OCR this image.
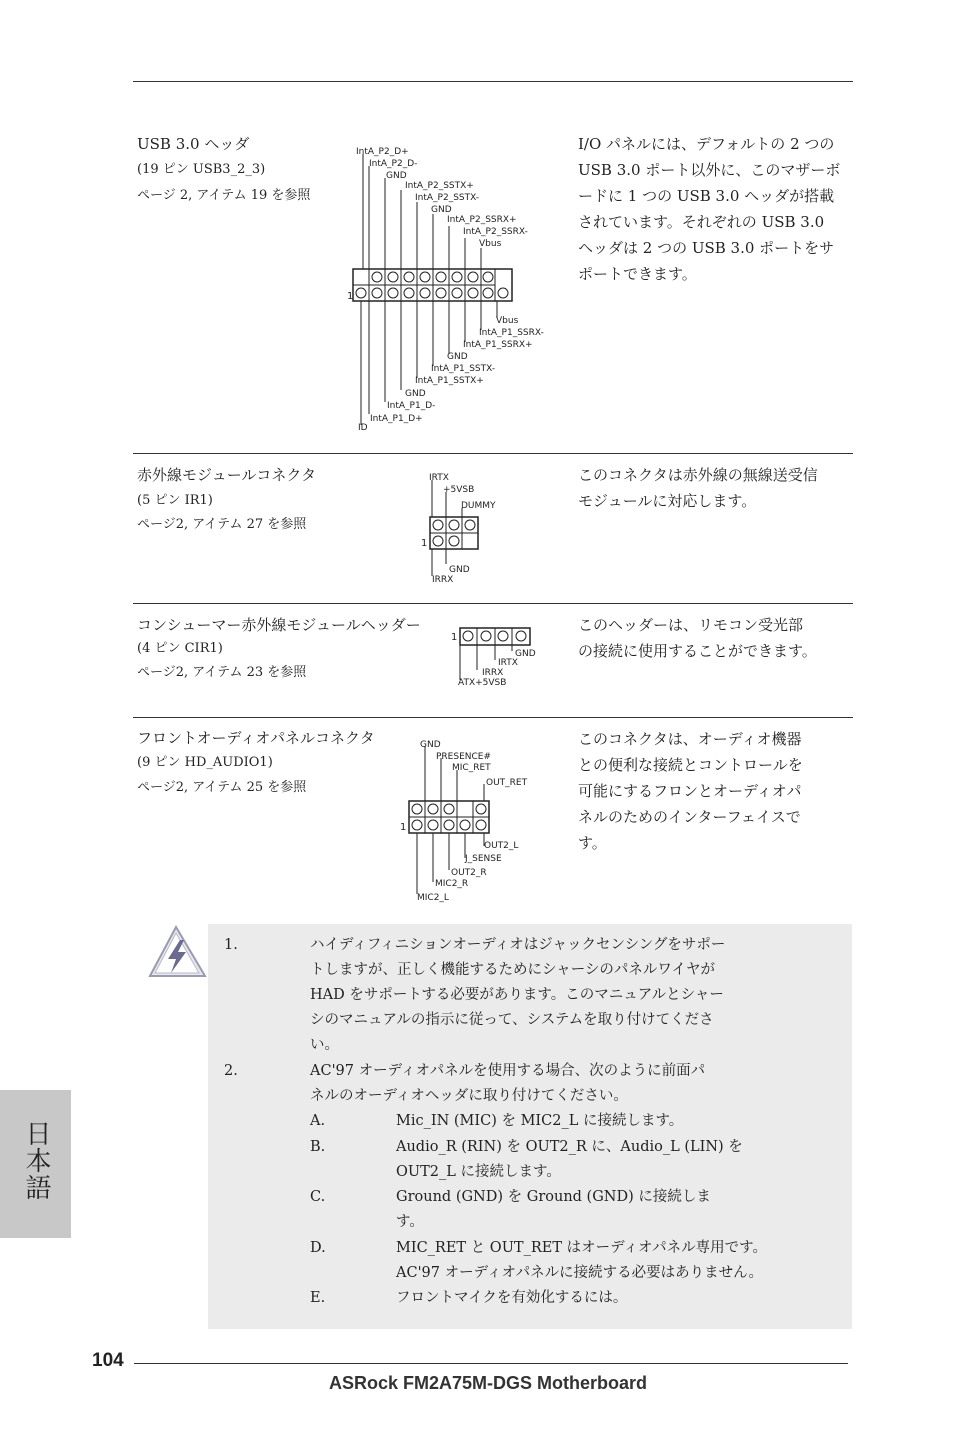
USB 3.0 ヘッダ
(19 ピン USB3_2_3)
ページ 2, アイテム 19 を参照
I/O パネルには、デフォルトの 2 つの
USB 3.0 ポート以外に、このマザーボ
ードに 1 つの USB 3.0 ヘッダが搭載
されています。それぞれの USB 3.0
ヘッダは 2 つの USB 3.0 ポートをサ
ポートできます。
IntA_P2_D+
IntA_P2_D-
GND
IntA_P2_SSTX+
IntA_P2_SSTX-
GND
IntA_P2_SSRX+
IntA_P2_SSRX-
Vbus
Vbus
IntA_P1_SSRX-
IntA_P1_SSRX+
GND
IntA_P1_SSTX-
IntA_P1_SSTX+
GND
IntA_P1_D-
IntA_P1_D+
ID
1
赤外線モジュールコネクタ
(5 ピン IR1)
ページ2, アイテム 27 を参照
このコネクタは赤外線の無線送受信
モジュールに対応します。
IRTX
+5VSB
DUMMY
GND
IRRX
1
コンシューマー赤外線モジュールヘッダー
(4 ピン CIR1)
ページ2, アイテム 23 を参照
このヘッダーは、リモコン受光部
の接続に使用することができます。
GND
IRTX
IRRX
ATX+5VSB
1
フロントオーディオパネルコネクタ
(9 ピン HD_AUDIO1)
ページ2, アイテム 25 を参照
このコネクタは、オーディオ機器
との便利な接続とコントロールを
可能にするフロンとオーディオパ
ネルのためのインターフェイスで
す。
GND
PRESENCE#
MIC_RET
OUT_RET
OUT2_L
J_SENSE
OUT2_R
MIC2_R
MIC2_L
1
1.	ハイディフィニションオーディオはジャックセンシングをサポー
トしますが、正しく機能するためにシャーシのパネルワイヤが
HAD をサポートする必要があります。このマニュアルとシャー
シのマニュアルの指示に従って、システムを取り付けてくださ
い。
2.	AC'97 オーディオパネルを使用する場合、次のように前面パ
ネルのオーディオヘッダに取り付けてください。
A.	Mic_IN (MIC) を MIC2_L に接続します。
B.	Audio_R (RIN) を OUT2_R に、Audio_L (LIN) を
OUT2_L に接続します。
C.	Ground (GND) を Ground (GND) に接続しま
す。
D.	MIC_RET と OUT_RET はオーディオパネル専用です。
AC'97 オーディオパネルに接続する必要はありません。
E.	フロントマイクを有効化するには。
日本語
104
ASRock FM2A75M-DGS Motherboard
